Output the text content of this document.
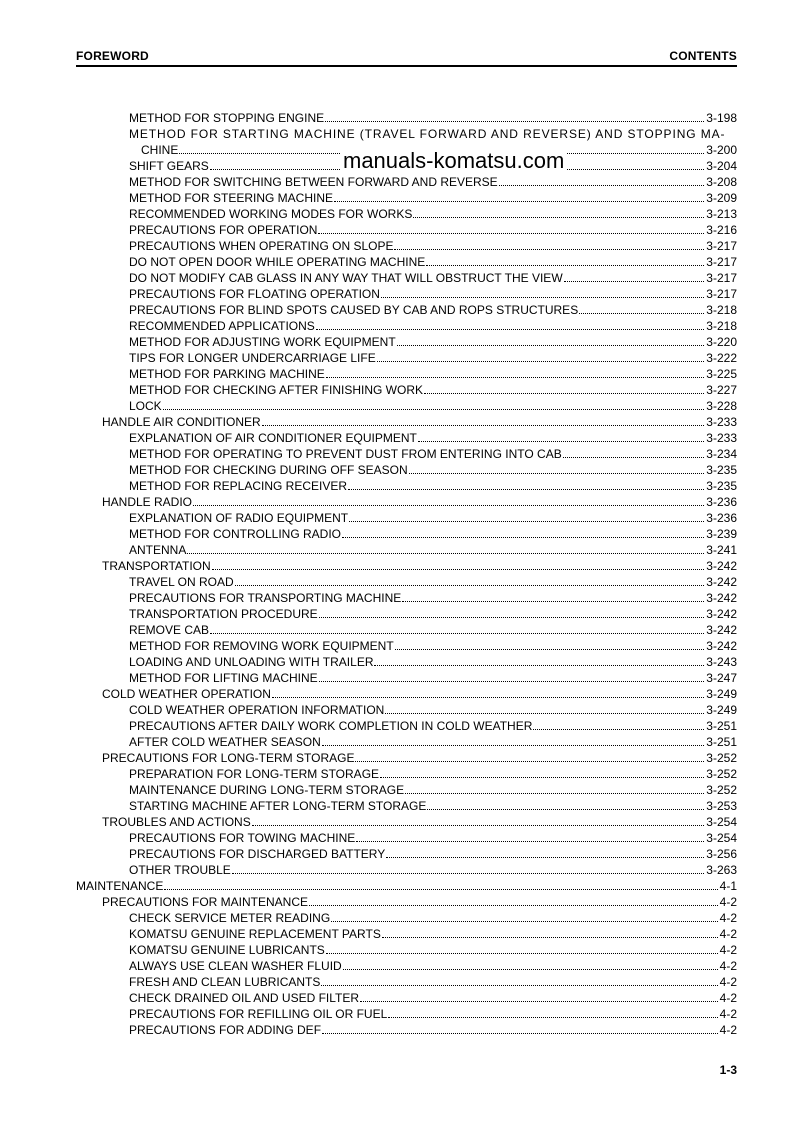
FOREWORD	CONTENTS
METHOD FOR STOPPING ENGINE	3-198
METHOD FOR STARTING MACHINE (TRAVEL FORWARD AND REVERSE) AND STOPPING MA-
CHINE	3-200
SHIFT GEARS	3-204
METHOD FOR SWITCHING BETWEEN FORWARD AND REVERSE	3-208
METHOD FOR STEERING MACHINE	3-209
RECOMMENDED WORKING MODES FOR WORKS	3-213
PRECAUTIONS FOR OPERATION	3-216
PRECAUTIONS WHEN OPERATING ON SLOPE	3-217
DO NOT OPEN DOOR WHILE OPERATING MACHINE	3-217
DO NOT MODIFY CAB GLASS IN ANY WAY THAT WILL OBSTRUCT THE VIEW	3-217
PRECAUTIONS FOR FLOATING OPERATION	3-217
PRECAUTIONS FOR BLIND SPOTS CAUSED BY CAB AND ROPS STRUCTURES	3-218
RECOMMENDED APPLICATIONS	3-218
METHOD FOR ADJUSTING WORK EQUIPMENT	3-220
TIPS FOR LONGER UNDERCARRIAGE LIFE	3-222
METHOD FOR PARKING MACHINE	3-225
METHOD FOR CHECKING AFTER FINISHING WORK	3-227
LOCK	3-228
HANDLE AIR CONDITIONER	3-233
EXPLANATION OF AIR CONDITIONER EQUIPMENT	3-233
METHOD FOR OPERATING TO PREVENT DUST FROM ENTERING INTO CAB	3-234
METHOD FOR CHECKING DURING OFF SEASON	3-235
METHOD FOR REPLACING RECEIVER	3-235
HANDLE RADIO	3-236
EXPLANATION OF RADIO EQUIPMENT	3-236
METHOD FOR CONTROLLING RADIO	3-239
ANTENNA	3-241
TRANSPORTATION	3-242
TRAVEL ON ROAD	3-242
PRECAUTIONS FOR TRANSPORTING MACHINE	3-242
TRANSPORTATION PROCEDURE	3-242
REMOVE CAB	3-242
METHOD FOR REMOVING WORK EQUIPMENT	3-242
LOADING AND UNLOADING WITH TRAILER	3-243
METHOD FOR LIFTING MACHINE	3-247
COLD WEATHER OPERATION	3-249
COLD WEATHER OPERATION INFORMATION	3-249
PRECAUTIONS AFTER DAILY WORK COMPLETION IN COLD WEATHER	3-251
AFTER COLD WEATHER SEASON	3-251
PRECAUTIONS FOR LONG-TERM STORAGE	3-252
PREPARATION FOR LONG-TERM STORAGE	3-252
MAINTENANCE DURING LONG-TERM STORAGE	3-252
STARTING MACHINE AFTER LONG-TERM STORAGE	3-253
TROUBLES AND ACTIONS	3-254
PRECAUTIONS FOR TOWING MACHINE	3-254
PRECAUTIONS FOR DISCHARGED BATTERY	3-256
OTHER TROUBLE	3-263
MAINTENANCE	4-1
PRECAUTIONS FOR MAINTENANCE	4-2
CHECK SERVICE METER READING	4-2
KOMATSU GENUINE REPLACEMENT PARTS	4-2
KOMATSU GENUINE LUBRICANTS	4-2
ALWAYS USE CLEAN WASHER FLUID	4-2
FRESH AND CLEAN LUBRICANTS	4-2
CHECK DRAINED OIL AND USED FILTER	4-2
PRECAUTIONS FOR REFILLING OIL OR FUEL	4-2
PRECAUTIONS FOR ADDING DEF	4-2
manuals-komatsu.com
1-3
